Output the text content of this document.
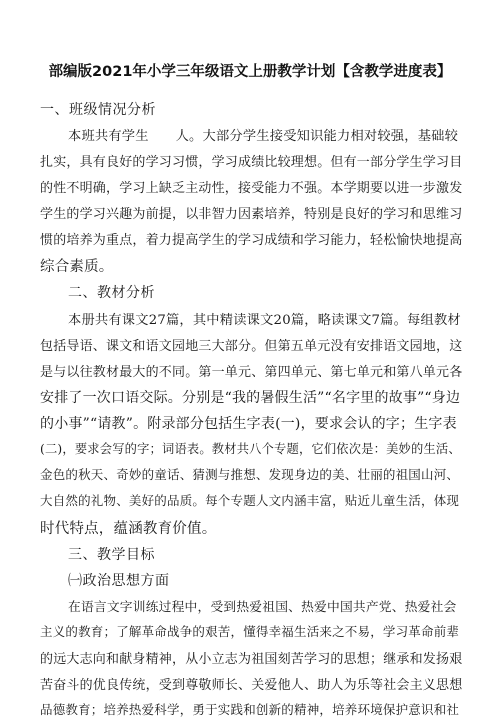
部编版2021年小学三年级语文上册教学计划【含教学进度表】
一、班级情况分析
本班共有学生　　人。大部分学生接受知识能力相对较强，基础较
扎实，具有良好的学习习惯，学习成绩比较理想。但有一部分学生学习目
的性不明确，学习上缺乏主动性，接受能力不强。本学期要以进一步激发
学生的学习兴趣为前提，以非智力因素培养，特别是良好的学习和思维习
惯的培养为重点，着力提高学生的学习成绩和学习能力，轻松愉快地提高
综合素质。
二、教材分析
本册共有课文27篇，其中精读课文20篇，略读课文7篇。每组教材
包括导语、课文和语文园地三大部分。但第五单元没有安排语文园地，这
是与以往教材最大的不同。第一单元、第四单元、第七单元和第八单元各
安排了一次口语交际。分别是“我的暑假生活”“名字里的故事”“身边
的小事”“请教”。附录部分包括生字表(一)，要求会认的字；生字表
(二)，要求会写的字；词语表。教材共八个专题，它们依次是：美妙的生活、
金色的秋天、奇妙的童话、猜测与推想、发现身边的美、壮丽的祖国山河、
大自然的礼物、美好的品质。每个专题人文内涵丰富，贴近儿童生活，体现
时代特点，蕴涵教育价值。
三、教学目标
㈠政治思想方面
在语言文字训练过程中，受到热爱祖国、热爱中国共产党、热爱社会
主义的教育；了解革命战争的艰苦，懂得幸福生活来之不易，学习革命前辈
的远大志向和献身精神，从小立志为祖国刻苦学习的思想；继承和发扬艰
苦奋斗的优良传统，受到尊敬师长、关爱他人、助人为乐等社会主义思想
品德教育；培养热爱科学，勇于实践和创新的精神，培养环境保护意识和社
